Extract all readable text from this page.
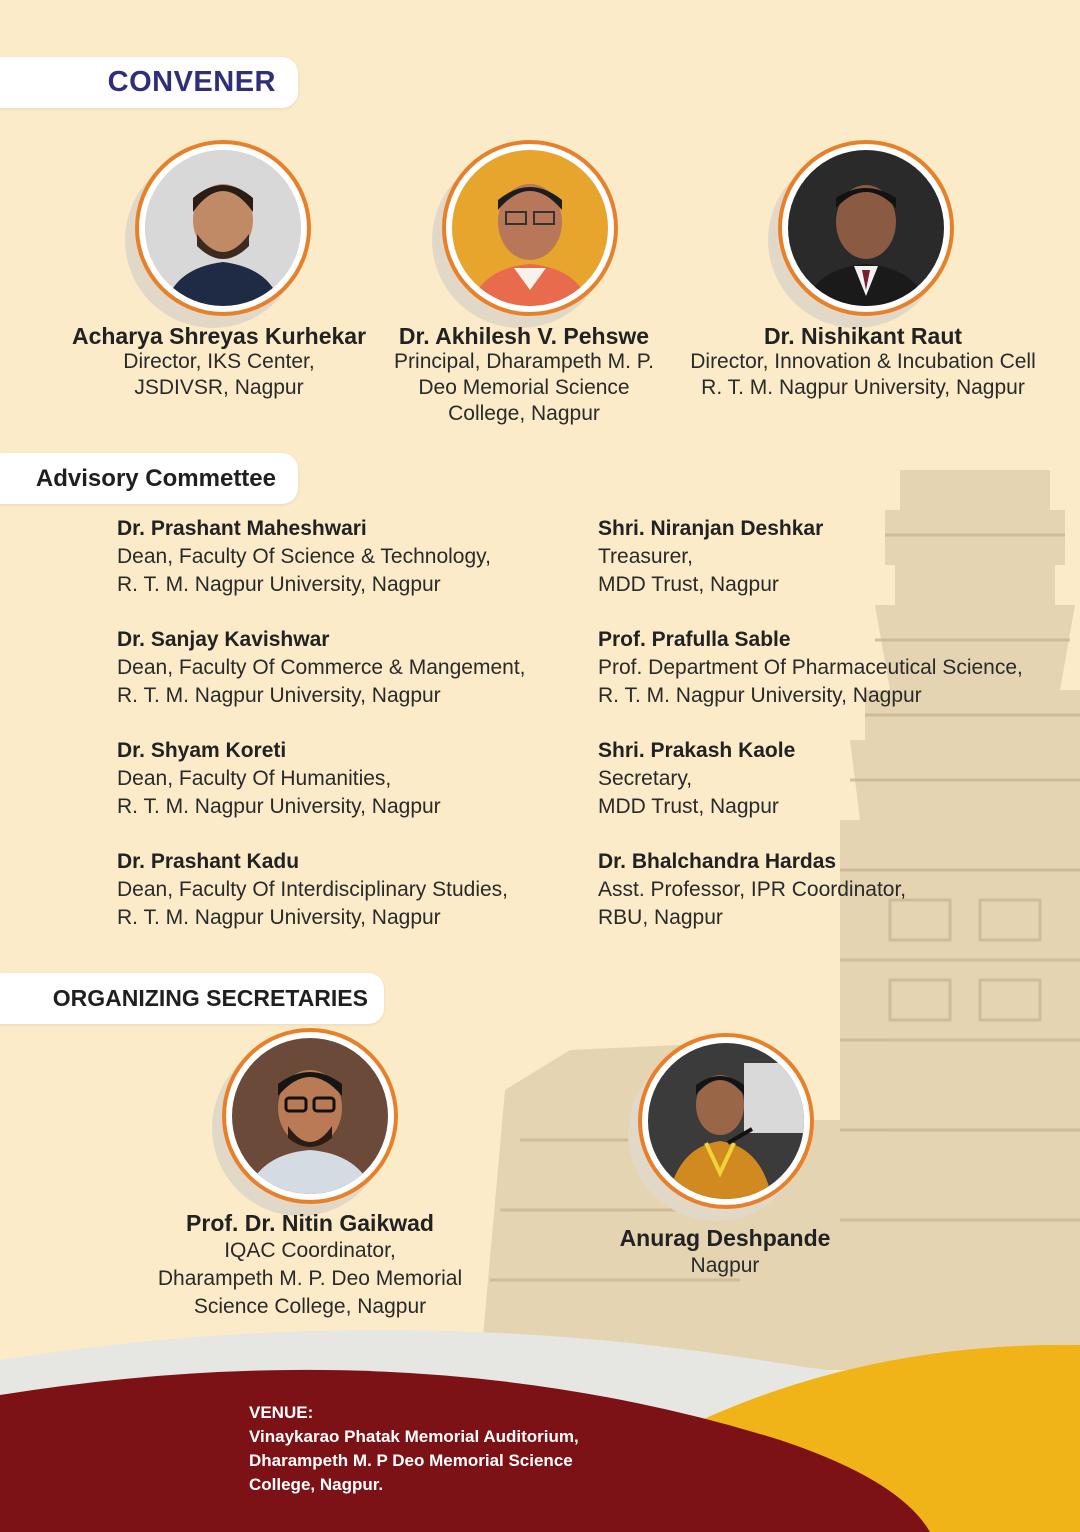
CONVENER
Acharya Shreyas Kurhekar
Director, IKS Center,
JSDIVSR, Nagpur
Dr. Akhilesh V. Pehswe
Principal, Dharampeth M. P.
Deo Memorial Science
College, Nagpur
Dr. Nishikant Raut
Director, Innovation & Incubation Cell
R. T. M. Nagpur University, Nagpur
Advisory Commettee
Dr. Prashant Maheshwari
Dean, Faculty Of Science & Technology,
R. T. M. Nagpur University, Nagpur
Dr. Sanjay Kavishwar
Dean, Faculty Of Commerce & Mangement,
R. T. M. Nagpur University, Nagpur
Dr. Shyam Koreti
Dean, Faculty Of Humanities,
R. T. M. Nagpur University, Nagpur
Dr. Prashant Kadu
Dean, Faculty Of Interdisciplinary Studies,
R. T. M. Nagpur University, Nagpur
Shri. Niranjan Deshkar
Treasurer,
MDD Trust, Nagpur
Prof. Prafulla Sable
Prof. Department Of Pharmaceutical Science,
R. T. M. Nagpur University, Nagpur
Shri. Prakash Kaole
Secretary,
MDD Trust, Nagpur
Dr. Bhalchandra Hardas
Asst. Professor, IPR Coordinator,
RBU, Nagpur
ORGANIZING SECRETARIES
Prof. Dr. Nitin Gaikwad
IQAC Coordinator,
Dharampeth M. P. Deo Memorial
Science College, Nagpur
Anurag Deshpande
Nagpur
VENUE:
Vinaykarao Phatak Memorial Auditorium,
Dharampeth M. P Deo Memorial Science
College, Nagpur.
